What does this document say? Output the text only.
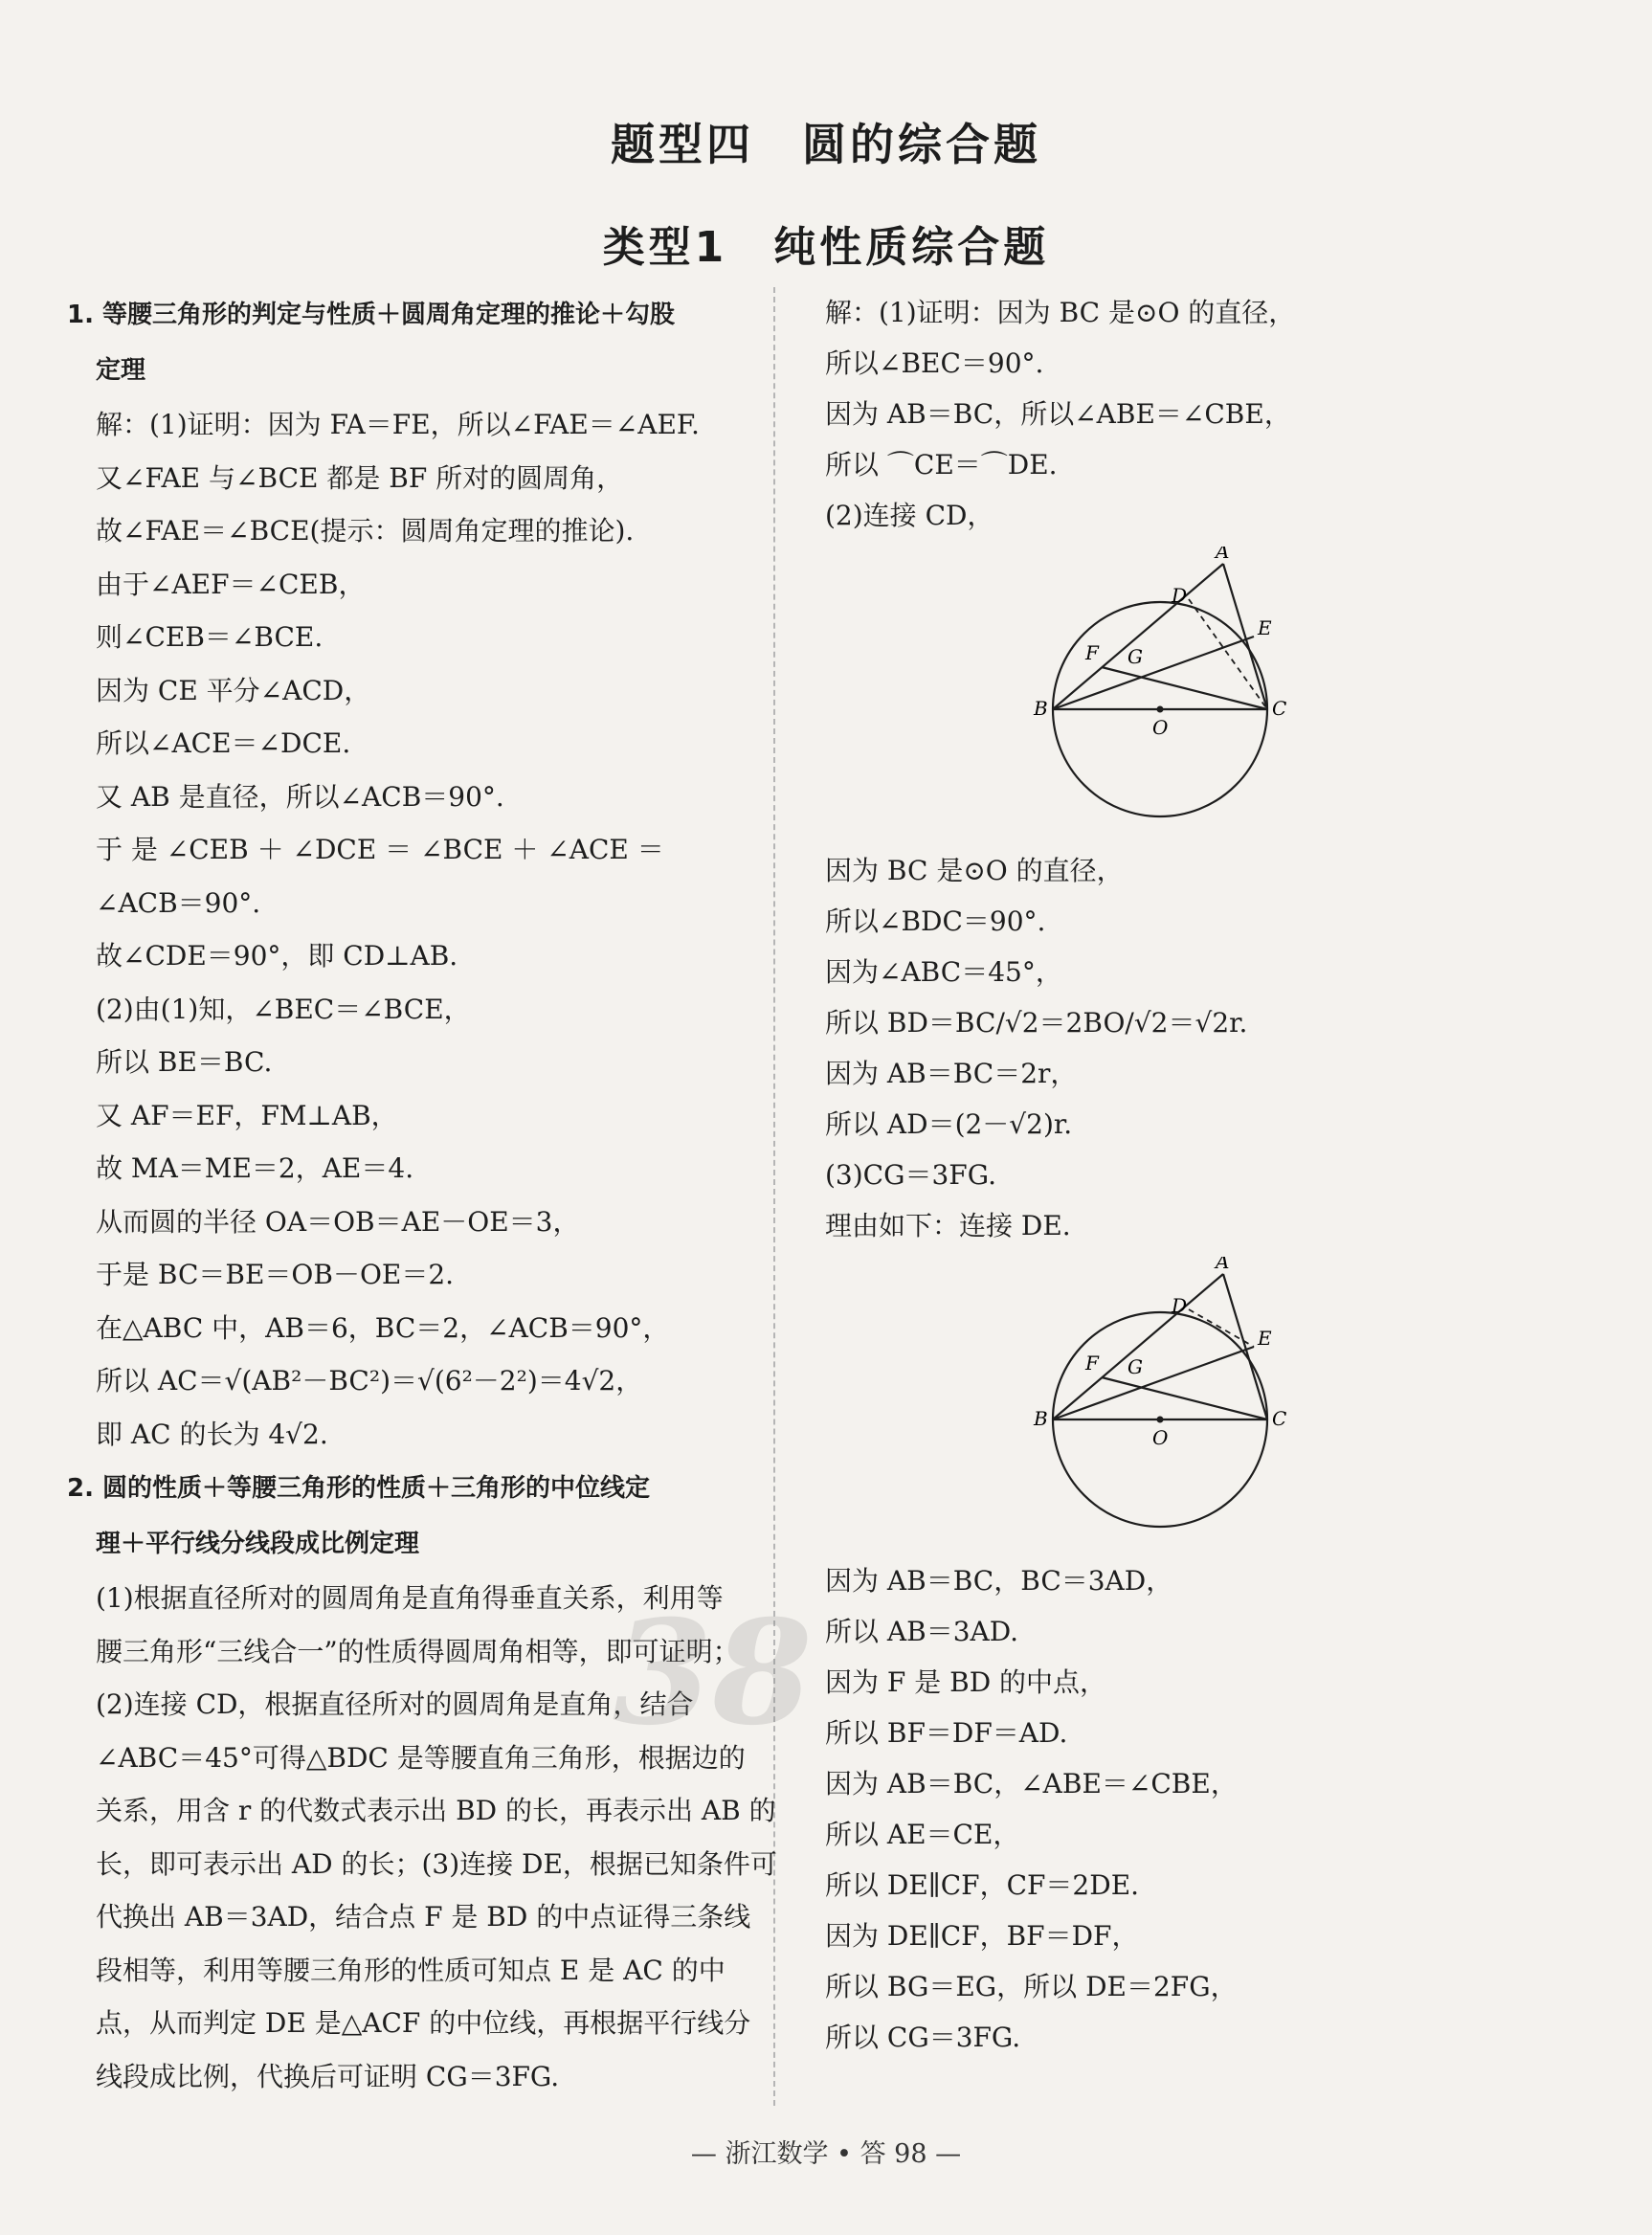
题型四　圆的综合题
类型1　纯性质综合题
1. 等腰三角形的判定与性质＋圆周角定理的推论＋勾股
定理
解：(1)证明：因为 FA＝FE，所以∠FAE＝∠AEF.
又∠FAE 与∠BCE 都是 BF 所对的圆周角，
故∠FAE＝∠BCE(提示：圆周角定理的推论).
由于∠AEF＝∠CEB，
则∠CEB＝∠BCE.
因为 CE 平分∠ACD，
所以∠ACE＝∠DCE.
又 AB 是直径，所以∠ACB＝90°.
于 是 ∠CEB ＋ ∠DCE ＝ ∠BCE ＋ ∠ACE ＝
∠ACB＝90°.
故∠CDE＝90°，即 CD⊥AB.
(2)由(1)知，∠BEC＝∠BCE，
所以 BE＝BC.
又 AF＝EF，FM⊥AB，
故 MA＝ME＝2，AE＝4.
从而圆的半径 OA＝OB＝AE－OE＝3，
于是 BC＝BE＝OB－OE＝2.
在△ABC 中，AB＝6，BC＝2，∠ACB＝90°，
所以 AC＝√(AB²－BC²)＝√(6²－2²)＝4√2，
即 AC 的长为 4√2.
2. 圆的性质＋等腰三角形的性质＋三角形的中位线定
理＋平行线分线段成比例定理
(1)根据直径所对的圆周角是直角得垂直关系，利用等
腰三角形“三线合一”的性质得圆周角相等，即可证明；
(2)连接 CD，根据直径所对的圆周角是直角，结合
∠ABC＝45°可得△BDC 是等腰直角三角形，根据边的
关系，用含 r 的代数式表示出 BD 的长，再表示出 AB 的
长，即可表示出 AD 的长；(3)连接 DE，根据已知条件可
代换出 AB＝3AD，结合点 F 是 BD 的中点证得三条线
段相等，利用等腰三角形的性质可知点 E 是 AC 的中
点，从而判定 DE 是△ACF 的中位线，再根据平行线分
线段成比例，代换后可证明 CG＝3FG.
解：(1)证明：因为 BC 是⊙O 的直径，
所以∠BEC＝90°.
因为 AB＝BC，所以∠ABE＝∠CBE，
所以 ⌒CE＝⌒DE.
(2)连接 CD，
A
D
E
F G
B	C
O
因为 BC 是⊙O 的直径，
所以∠BDC＝90°.
因为∠ABC＝45°，
所以 BD＝BC/√2＝2BO/√2＝√2r.
因为 AB＝BC＝2r，
所以 AD＝(2－√2)r.
(3)CG＝3FG.
理由如下：连接 DE.
A
D
E
F G
B	C
O
因为 AB＝BC，BC＝3AD，
所以 AB＝3AD.
因为 F 是 BD 的中点，
所以 BF＝DF＝AD.
因为 AB＝BC，∠ABE＝∠CBE，
所以 AE＝CE，
所以 DE∥CF，CF＝2DE.
因为 DE∥CF，BF＝DF，
所以 BG＝EG，所以 DE＝2FG，
所以 CG＝3FG.
38
— 浙江数学 • 答 98 —
